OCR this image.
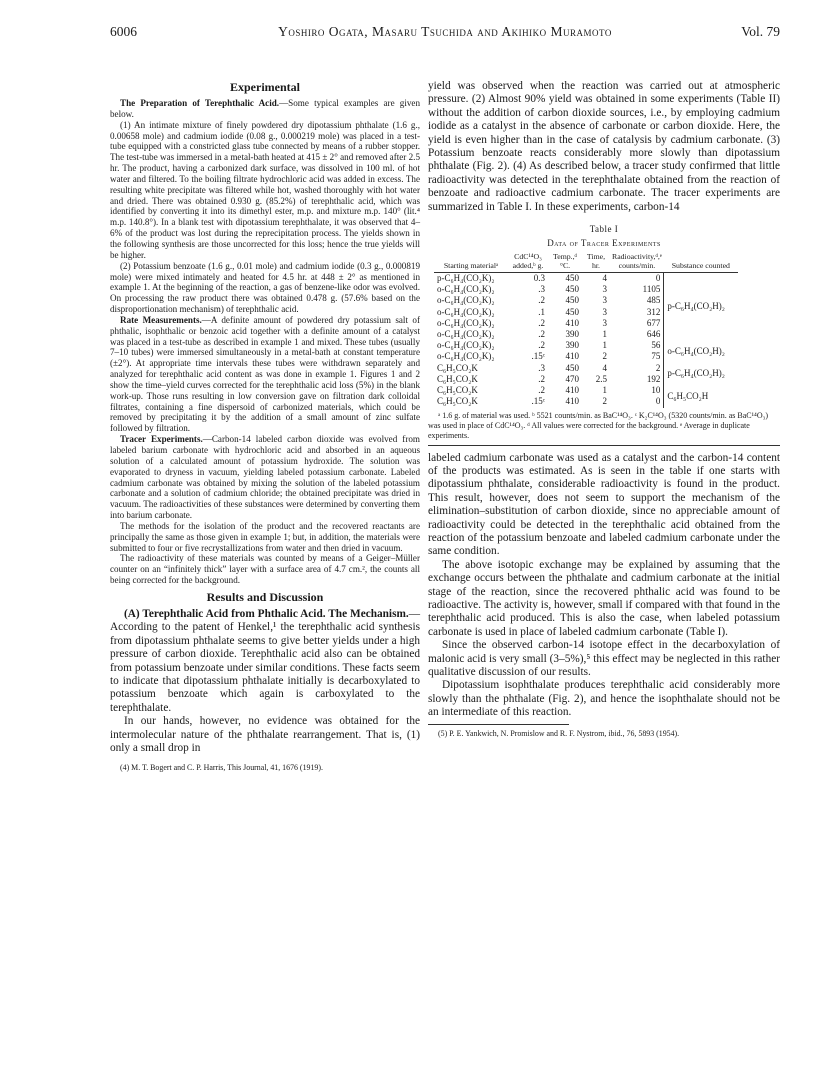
6006	Yoshiro Ogata, Masaru Tsuchida and Akihiko Muramoto	Vol. 79
Experimental

The Preparation of Terephthalic Acid.—Some typical examples are given below.

(1) An intimate mixture of finely powdered dry dipotassium phthalate (1.6 g., 0.00658 mole) and cadmium iodide (0.08 g., 0.000219 mole) was placed in a test-tube equipped with a constricted glass tube connected by means of a rubber stopper. The test-tube was immersed in a metal-bath heated at 415 ± 2° and removed after 2.5 hr. The product, having a carbonized dark surface, was dissolved in 100 ml. of hot water and filtered. To the boiling filtrate hydrochloric acid was added in excess. The resulting white precipitate was filtered while hot, washed thoroughly with hot water and dried. There was obtained 0.930 g. (85.2%) of terephthalic acid, which was identified by converting it into its dimethyl ester, m.p. and mixture m.p. 140° (lit.⁴ m.p. 140.8°). In a blank test with dipotassium terephthalate, it was observed that 4–6% of the product was lost during the reprecipitation process. The yields shown in the following synthesis are those uncorrected for this loss; hence the true yields will be higher.

(2) Potassium benzoate (1.6 g., 0.01 mole) and cadmium iodide (0.3 g., 0.000819 mole) were mixed intimately and heated for 4.5 hr. at 448 ± 2° as mentioned in example 1. At the beginning of the reaction, a gas of benzene-like odor was evolved. On processing the raw product there was obtained 0.478 g. (57.6% based on the disproportionation mechanism) of terephthalic acid.

Rate Measurements.—A definite amount of powdered dry potassium salt of phthalic, isophthalic or benzoic acid together with a definite amount of a catalyst was placed in a test-tube as described in example 1 and mixed. These tubes (usually 7–10 tubes) were immersed simultaneously in a metal-bath at constant temperature (±2°). At appropriate time intervals these tubes were withdrawn separately and analyzed for terephthalic acid content as was done in example 1. Figures 1 and 2 show the time–yield curves corrected for the terephthalic acid loss (5%) in the blank work-up. Those runs resulting in low conversion gave on filtration dark colloidal filtrates, containing a fine dispersoid of carbonized materials, which could be removed by precipitating it by the addition of a small amount of zinc sulfate followed by filtration.

Tracer Experiments.—Carbon-14 labeled carbon dioxide was evolved from labeled barium carbonate with hydrochloric acid and absorbed in an aqueous solution of a calculated amount of potassium hydroxide. The solution was evaporated to dryness in vacuum, yielding labeled potassium carbonate. Labeled cadmium carbonate was obtained by mixing the solution of the labeled potassium carbonate and a solution of cadmium chloride; the obtained precipitate was dried in vacuum. The radioactivities of these substances were determined by converting them into barium carbonate.

The methods for the isolation of the product and the recovered reactants are principally the same as those given in example 1; but, in addition, the materials were submitted to four or five recrystallizations from water and then dried in vacuum.

The radioactivity of these materials was counted by means of a Geiger–Müller counter on an “infinitely thick” layer with a surface area of 4.7 cm.², the counts all being corrected for the background.

Results and Discussion

(A) Terephthalic Acid from Phthalic Acid. The Mechanism.—According to the patent of Henkel,¹ the terephthalic acid synthesis from dipotassium phthalate seems to give better yields under a high pressure of carbon dioxide. Terephthalic acid also can be obtained from potassium benzoate under similar conditions. These facts seem to indicate that dipotassium phthalate initially is decarboxylated to potassium benzoate which again is carboxylated to the terephthalate.

In our hands, however, no evidence was obtained for the intermolecular nature of the phthalate rearrangement. That is, (1) only a small drop in

(4) M. T. Bogert and C. P. Harris, This Journal, 41, 1676 (1919).

yield was observed when the reaction was carried out at atmospheric pressure. (2) Almost 90% yield was obtained in some experiments (Table II) without the addition of carbon dioxide sources, i.e., by employing cadmium iodide as a catalyst in the absence of carbonate or carbon dioxide. Here, the yield is even higher than in the case of catalysis by cadmium carbonate. (3) Potassium benzoate reacts considerably more slowly than dipotassium phthalate (Fig. 2). (4) As described below, a tracer study confirmed that little radioactivity was detected in the terephthalate obtained from the reaction of benzoate and radioactive cadmium carbonate. The tracer experiments are summarized in Table I. In these experiments, carbon-14

Table I
Data of Tracer Experiments
Starting materialᵃ	CdC¹⁴O₃ added,ᵇ g.	Temp.,ᵈ °C.	Time, hr.	Radioactivity,ᵈ,ᵉ counts/min.	Substance counted
p-C₆H₄(CO₂K)₂	0.3	450	4	0	p-C₆H₄(CO₂H)₂
o-C₆H₄(CO₂K)₂	.3	450	3	1105	
o-C₆H₄(CO₂K)₂	.2	450	3	485	
o-C₆H₄(CO₂K)₂	.1	450	3	312	
o-C₆H₄(CO₂K)₂	.2	410	3	677	
o-C₆H₄(CO₂K)₂	.2	390	1	646	
o-C₆H₄(CO₂K)₂	.2	390	1	56	o-C₆H₄(CO₂H)₂
o-C₆H₄(CO₂K)₂	.15ᶜ	410	2	75	
C₆H₅CO₂K	.3	450	4	2	p-C₆H₄(CO₂H)₂
C₆H₅CO₂K	.2	470	2.5	192	
C₆H₅CO₂K	.2	410	1	10	C₆H₅CO₂H
C₆H₅CO₂K	.15ᶜ	410	2	0	
ᵃ 1.6 g. of material was used. ᵇ 5521 counts/min. as BaC¹⁴O₃. ᶜ K₂C¹⁴O₃ (5320 counts/min. as BaC¹⁴O₃) was used in place of CdC¹⁴O₃. ᵈ All values were corrected for the background. ᵉ Average in duplicate experiments.

labeled cadmium carbonate was used as a catalyst and the carbon-14 content of the products was estimated. As is seen in the table if one starts with dipotassium phthalate, considerable radioactivity is found in the product. This result, however, does not seem to support the mechanism of the elimination–substitution of carbon dioxide, since no appreciable amount of radioactivity could be detected in the terephthalic acid obtained from the reaction of the potassium benzoate and labeled cadmium carbonate under the same condition.

The above isotopic exchange may be explained by assuming that the exchange occurs between the phthalate and cadmium carbonate at the initial stage of the reaction, since the recovered phthalic acid was found to be radioactive. The activity is, however, small if compared with that found in the terephthalic acid produced. This is also the case, when labeled potassium carbonate is used in place of labeled cadmium carbonate (Table I).

Since the observed carbon-14 isotope effect in the decarboxylation of malonic acid is very small (3–5%),⁵ this effect may be neglected in this rather qualitative discussion of our results.

Dipotassium isophthalate produces terephthalic acid considerably more slowly than the phthalate (Fig. 2), and hence the isophthalate should not be an intermediate of this reaction.

(5) P. E. Yankwich, N. Promislow and R. F. Nystrom, ibid., 76, 5893 (1954).
